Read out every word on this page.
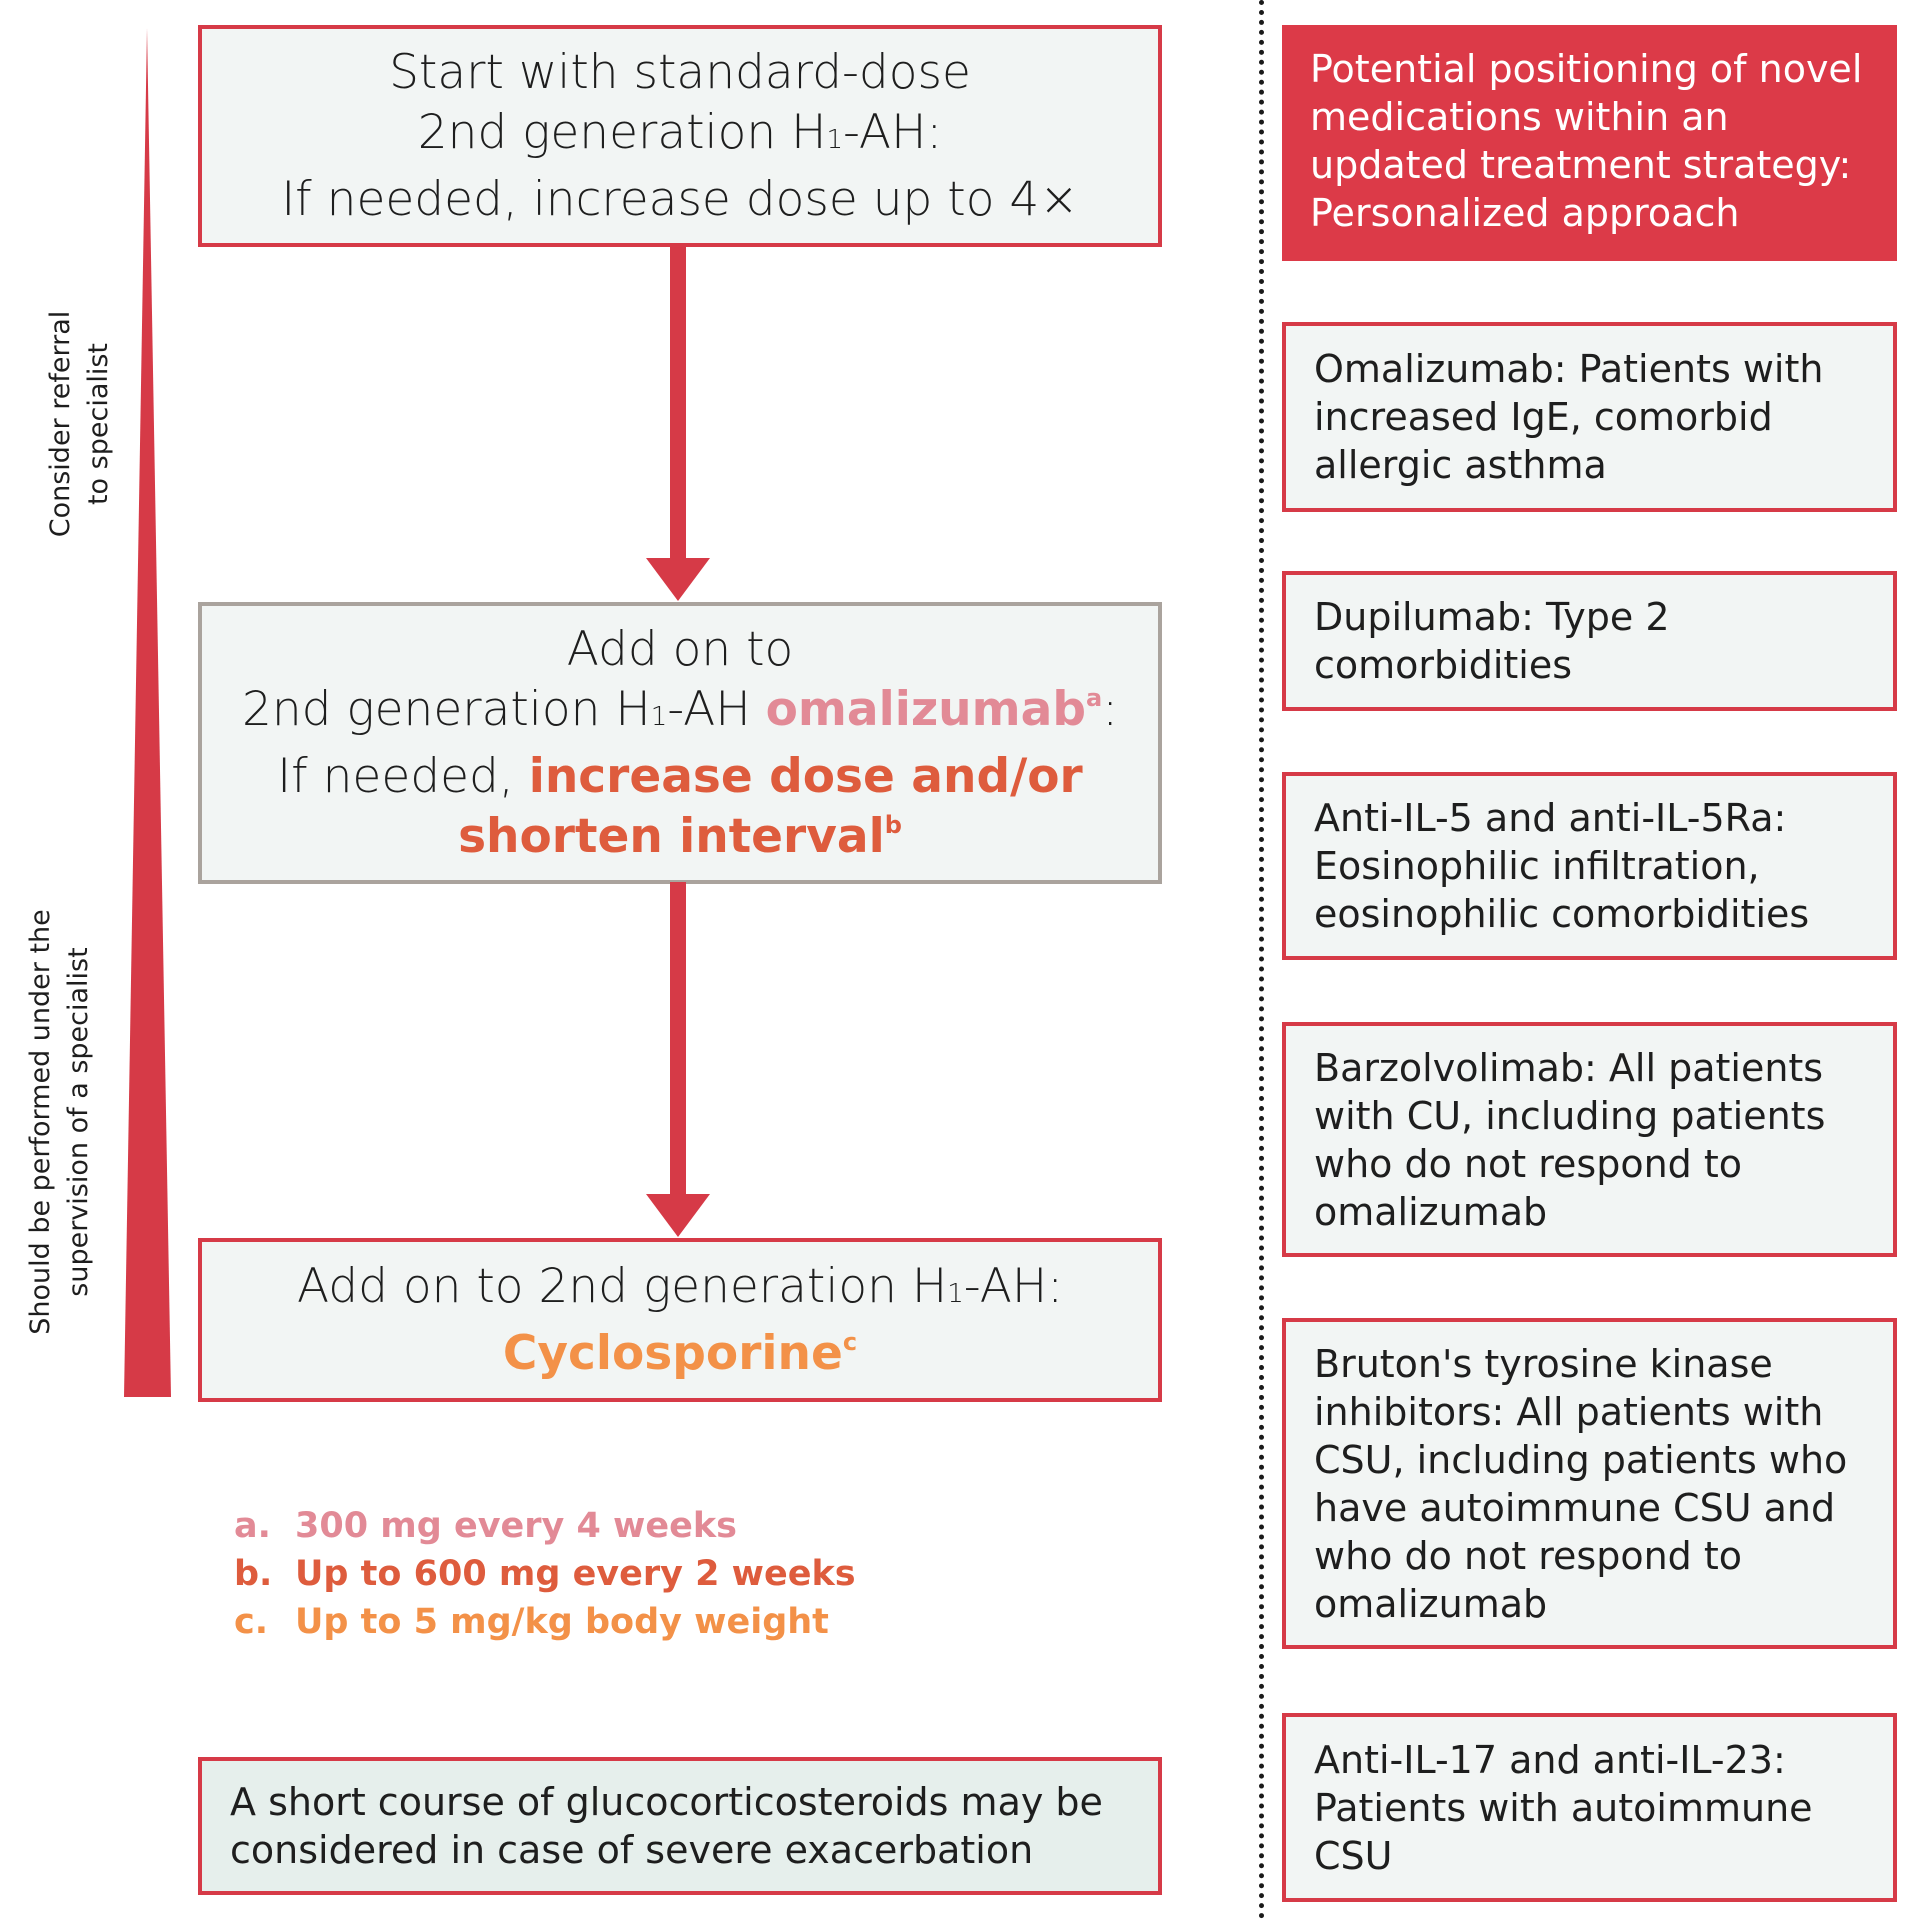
Consider referral to specialist
Should be performed under the supervision of a specialist
Start with standard-dose
2nd generation H1-AH:
If needed, increase dose up to 4×
Add on to
2nd generation H1-AH omalizumab$^a$:
If needed, increase dose and/or
shorten interval$^b$
Add on to 2nd generation H1-AH:
Cyclosporine$^c$
a. 300 mg every 4 weeks
b. Up to 600 mg every 2 weeks
c. Up to 5 mg/kg body weight
A short course of glucocorticosteroids may be
considered in case of severe exacerbation
Potential positioning of novel
medications within an
updated treatment strategy:
Personalized approach
Omalizumab: Patients with
increased IgE, comorbid
allergic asthma
Dupilumab: Type 2
comorbidities
Anti-IL-5 and anti-IL-5Ra:
Eosinophilic infiltration,
eosinophilic comorbidities
Barzolvolimab: All patients
with CU, including patients
who do not respond to
omalizumab
Bruton's tyrosine kinase
inhibitors: All patients with
CSU, including patients who
have autoimmune CSU and
who do not respond to
omalizumab
Anti-IL-17 and anti-IL-23:
Patients with autoimmune
CSU
